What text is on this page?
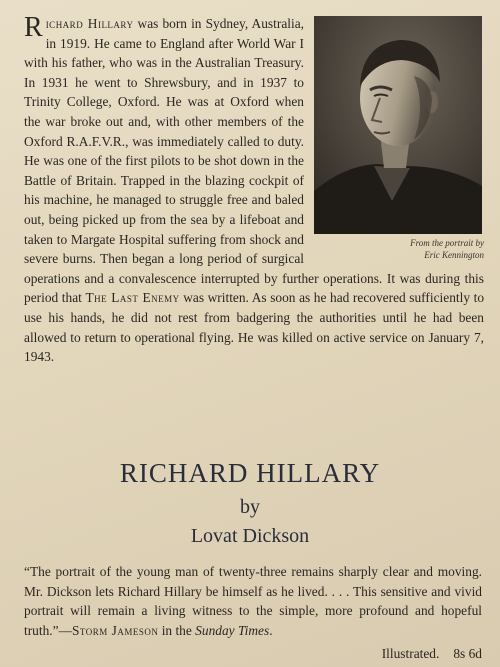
From the portrait by
Eric Kennington
R ichard Hillary was born in Sydney, Australia, in 1919. He came to England after World War I with his father, who was in the Australian Treasury. In 1931 he went to Shrewsbury, and in 1937 to Trinity College, Oxford. He was at Oxford when the war broke out and, with other members of the Oxford R.A.F.V.R., was immediately called to duty. He was one of the first pilots to be shot down in the Battle of Britain. Trapped in the blazing cockpit of his machine, he managed to struggle free and baled out, being picked up from the sea by a lifeboat and taken to Margate Hospital suffering from shock and severe burns. Then began a long period of surgical operations and a convalescence interrupted by further operations. It was during this period that The Last Enemy was written. As soon as he had recovered sufficiently to use his hands, he did not rest from badgering the authorities until he had been allowed to return to operational flying. He was killed on active service on January 7, 1943.
RICHARD HILLARY
by
Lovat Dickson

“The portrait of the young man of twenty-three remains sharply clear and moving. Mr. Dickson lets Richard Hillary be himself as he lived. . . . This sensitive and vivid portrait will remain a living witness to the simple, more profound and hopeful truth.”—Storm Jameson in the Sunday Times.

Illustrated. 8s 6d
